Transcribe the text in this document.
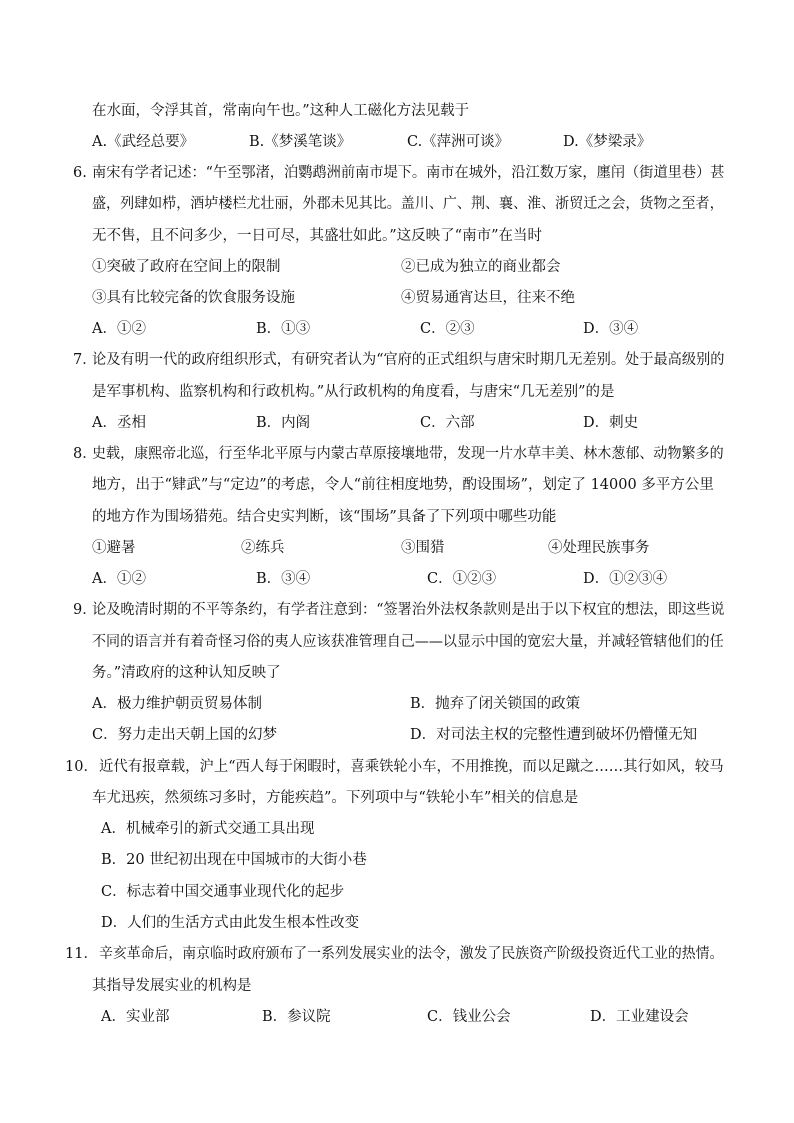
在水面，令浮其首，常南向午也。”这种人工磁化方法见载于
A.《武经总要》	B.《梦溪笔谈》	C.《萍洲可谈》	D.《梦梁录》
6. 南宋有学者记述：“午至鄂渚，泊鹦鹉洲前南市堤下。南市在城外，沿江数万家，廛闬（街道里巷）甚
盛，列肆如栉，酒垆楼栏尤壮丽，外郡未见其比。盖川、广、荆、襄、淮、浙贸迁之会，货物之至者，
无不售，且不问多少，一日可尽，其盛壮如此。”这反映了“南市”在当时
①突破了政府在空间上的限制	②已成为独立的商业都会
③具有比较完备的饮食服务设施	④贸易通宵达旦，往来不绝
A．①②	B．①③	C．②③	D．③④
7．
论及有明一代的政府组织形式，有研究者认为“官府的正式组织与唐宋时期几无差别。处于最高级别的
是军事机构、监察机构和行政机构。”从行政机构的角度看，与唐宋“几无差别”的是
A．丞相	B．内阁	C．六部	D．刺史
8．
史载，康熙帝北巡，行至华北平原与内蒙古草原接壤地带，发现一片水草丰美、林木葱郁、动物繁多的
地方，出于“肄武”与“定边”的考虑，令人“前往相度地势，酌设围场”，划定了 14000 多平方公里
的地方作为围场猎苑。结合史实判断，该“围场”具备了下列项中哪些功能
①避暑	②练兵	③围猎	④处理民族事务
A．①②	B．③④	C．①②③	D．①②③④
9．
论及晚清时期的不平等条约，有学者注意到：“签署治外法权条款则是出于以下权宜的想法，即这些说
不同的语言并有着奇怪习俗的夷人应该获准管理自己——以显示中国的宽宏大量，并减轻管辖他们的任
务。”清政府的这种认知反映了
A．极力维护朝贡贸易体制	B．抛弃了闭关锁国的政策
C．努力走出天朝上国的幻梦	D．对司法主权的完整性遭到破坏仍懵懂无知
10． 近代有报章载，沪上“西人每于闲暇时，喜乘铁轮小车，不用推挽，而以足蹴之……其行如风，较马
车尤迅疾，然须练习多时，方能疾趋”。下列项中与“铁轮小车”相关的信息是
A．机械牵引的新式交通工具出现
B．20 世纪初出现在中国城市的大街小巷
C．标志着中国交通事业现代化的起步
D．人们的生活方式由此发生根本性改变
11． 辛亥革命后，南京临时政府颁布了一系列发展实业的法令，激发了民族资产阶级投资近代工业的热情。
其指导发展实业的机构是
A．实业部	B．参议院	C．钱业公会	D．工业建设会
